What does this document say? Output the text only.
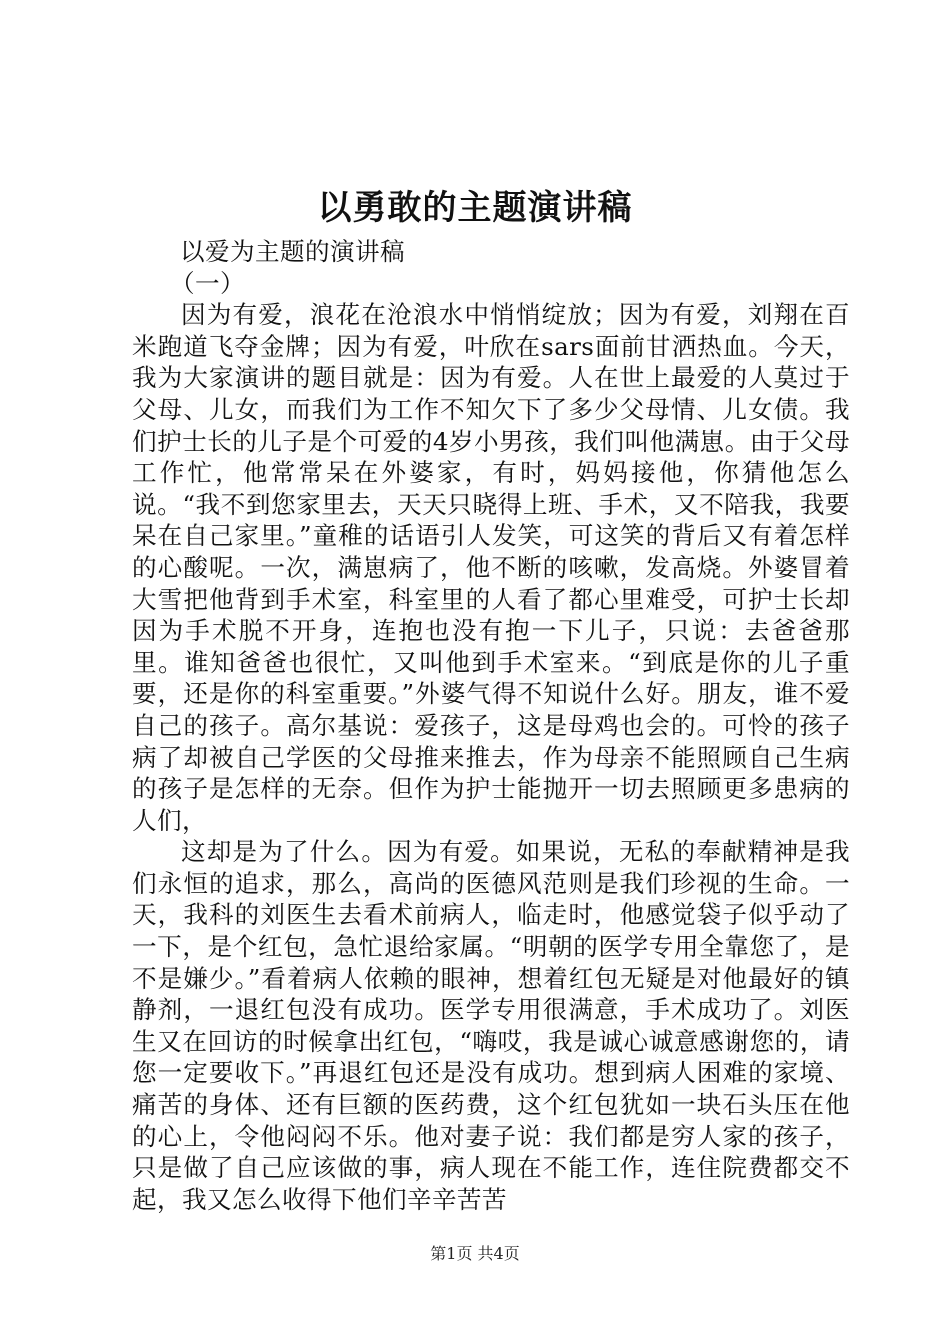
以勇敢的主题演讲稿

以爱为主题的演讲稿

（一）

因为有爱，浪花在沧浪水中悄悄绽放；因为有爱，刘翔在百米跑道飞夺金牌；因为有爱，叶欣在sars面前甘洒热血。今天，我为大家演讲的题目就是：因为有爱。人在世上最爱的人莫过于父母、儿女，而我们为工作不知欠下了多少父母情、儿女债。我们护士长的儿子是个可爱的4岁小男孩，我们叫他满崽。由于父母工作忙，他常常呆在外婆家，有时，妈妈接他，你猜他怎么说。“我不到您家里去，天天只晓得上班、手术，又不陪我，我要呆在自己家里。”童稚的话语引人发笑，可这笑的背后又有着怎样的心酸呢。一次，满崽病了，他不断的咳嗽，发高烧。外婆冒着大雪把他背到手术室，科室里的人看了都心里难受，可护士长却因为手术脱不开身，连抱也没有抱一下儿子，只说：去爸爸那里。谁知爸爸也很忙，又叫他到手术室来。“到底是你的儿子重要，还是你的科室重要。”外婆气得不知说什么好。朋友，谁不爱自己的孩子。高尔基说：爱孩子，这是母鸡也会的。可怜的孩子病了却被自己学医的父母推来推去，作为母亲不能照顾自己生病的孩子是怎样的无奈。但作为护士能抛开一切去照顾更多患病的人们，

这却是为了什么。因为有爱。如果说，无私的奉献精神是我们永恒的追求，那么，高尚的医德风范则是我们珍视的生命。一天，我科的刘医生去看术前病人，临走时，他感觉袋子似乎动了一下，是个红包，急忙退给家属。“明朝的医学专用全靠您了，是不是嫌少。”看着病人依赖的眼神，想着红包无疑是对他最好的镇静剂，一退红包没有成功。医学专用很满意，手术成功了。刘医生又在回访的时候拿出红包，“嗨哎，我是诚心诚意感谢您的，请您一定要收下。”再退红包还是没有成功。想到病人困难的家境、痛苦的身体、还有巨额的医药费，这个红包犹如一块石头压在他的心上，令他闷闷不乐。他对妻子说：我们都是穷人家的孩子，只是做了自己应该做的事，病人现在不能工作，连住院费都交不起，我又怎么收得下他们辛辛苦苦

第1页 共4页
